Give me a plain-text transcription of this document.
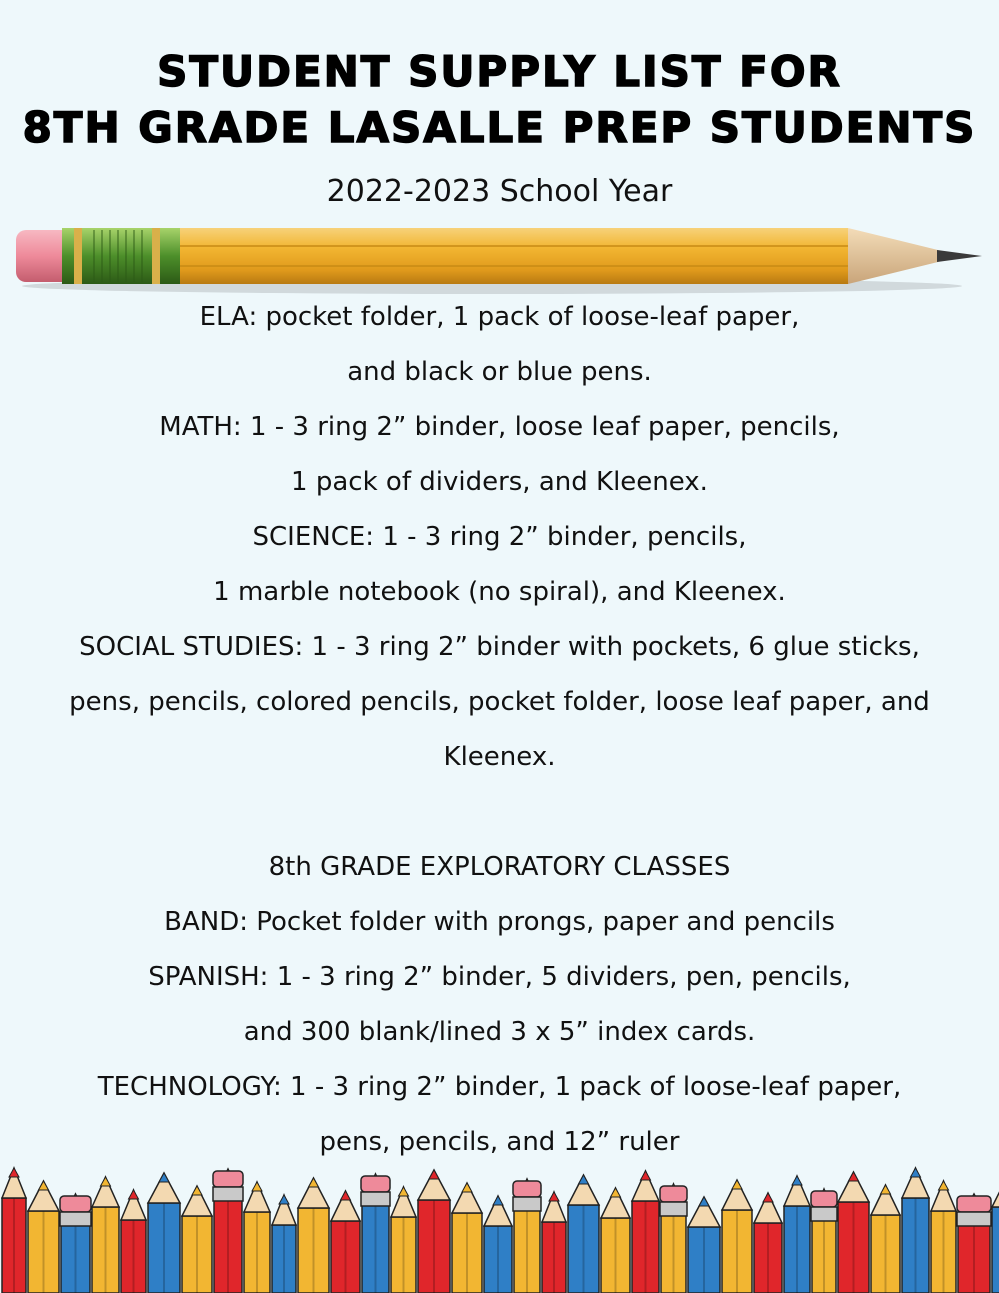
STUDENT SUPPLY LIST FOR
8TH GRADE LASALLE PREP STUDENTS
2022-2023 School Year
ELA: pocket folder, 1 pack of loose-leaf paper,
and black or blue pens.
MATH: 1 - 3 ring 2” binder, loose leaf paper, pencils,
1 pack of dividers, and Kleenex.
SCIENCE: 1 - 3 ring 2” binder, pencils,
1 marble notebook (no spiral), and Kleenex.
SOCIAL STUDIES: 1 - 3 ring 2” binder with pockets, 6 glue sticks,
pens, pencils, colored pencils, pocket folder, loose leaf paper, and
Kleenex.
8th GRADE EXPLORATORY CLASSES
BAND: Pocket folder with prongs, paper and pencils
SPANISH: 1 - 3 ring 2” binder, 5 dividers, pen, pencils,
and 300 blank/lined 3 x 5” index cards.
TECHNOLOGY: 1 - 3 ring 2” binder, 1 pack of loose-leaf paper,
pens, pencils, and 12” ruler
